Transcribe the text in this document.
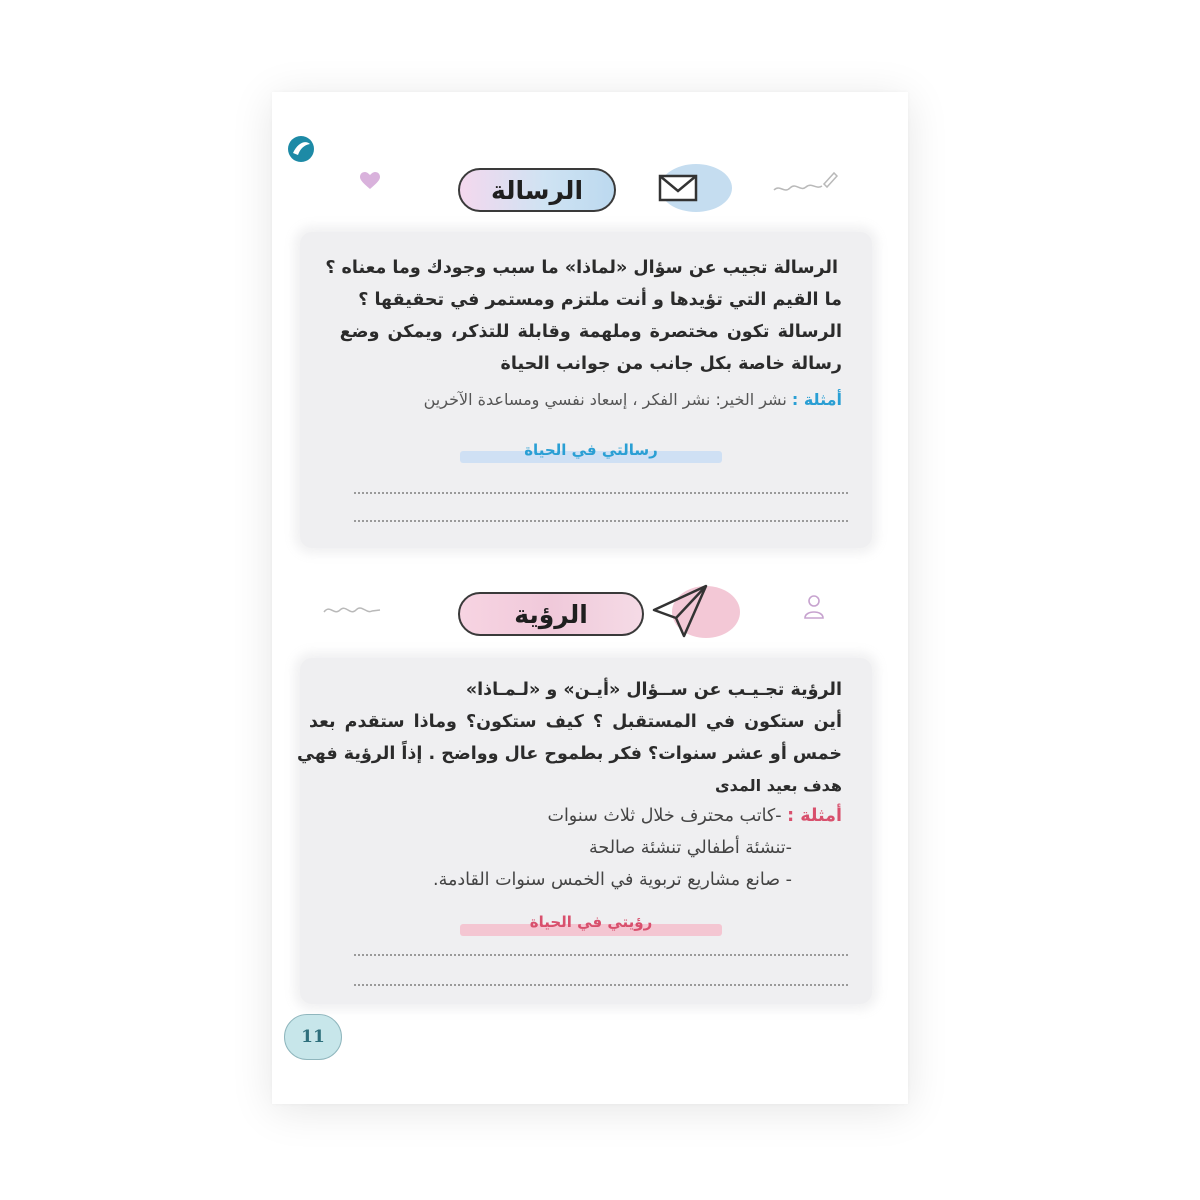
الرسالة
الرسالة تجيب عن سؤال «لماذا» ما سبب وجودك وما معناه ؟
ما القيم التي تؤيدها و أنت ملتزم ومستمر في تحقيقها ؟
الرسالة تكون مختصرة وملهمة وقابلة للتذكر، ويمكن وضع
رسالة خاصة بكل جانب من جوانب الحياة
أمثلة : نشر الخير: نشر الفكر ، إسعاد نفسي ومساعدة الآخرين
رسالتي في الحياة
الرؤية
الرؤية تجـيـب عن ســؤال «أيـن» و «لـمـاذا»
أين ستكون في المستقبل ؟ كيف ستكون؟ وماذا ستقدم بعد
خمس أو عشر سنوات؟ فكر بطموح عال وواضح . إذاً الرؤية فهي
هدف بعيد المدى
أمثلة : -كاتب محترف خلال ثلاث سنوات
-تنشئة أطفالي تنشئة صالحة
- صانع مشاريع تربوية في الخمس سنوات القادمة.
رؤيتي في الحياة
11
